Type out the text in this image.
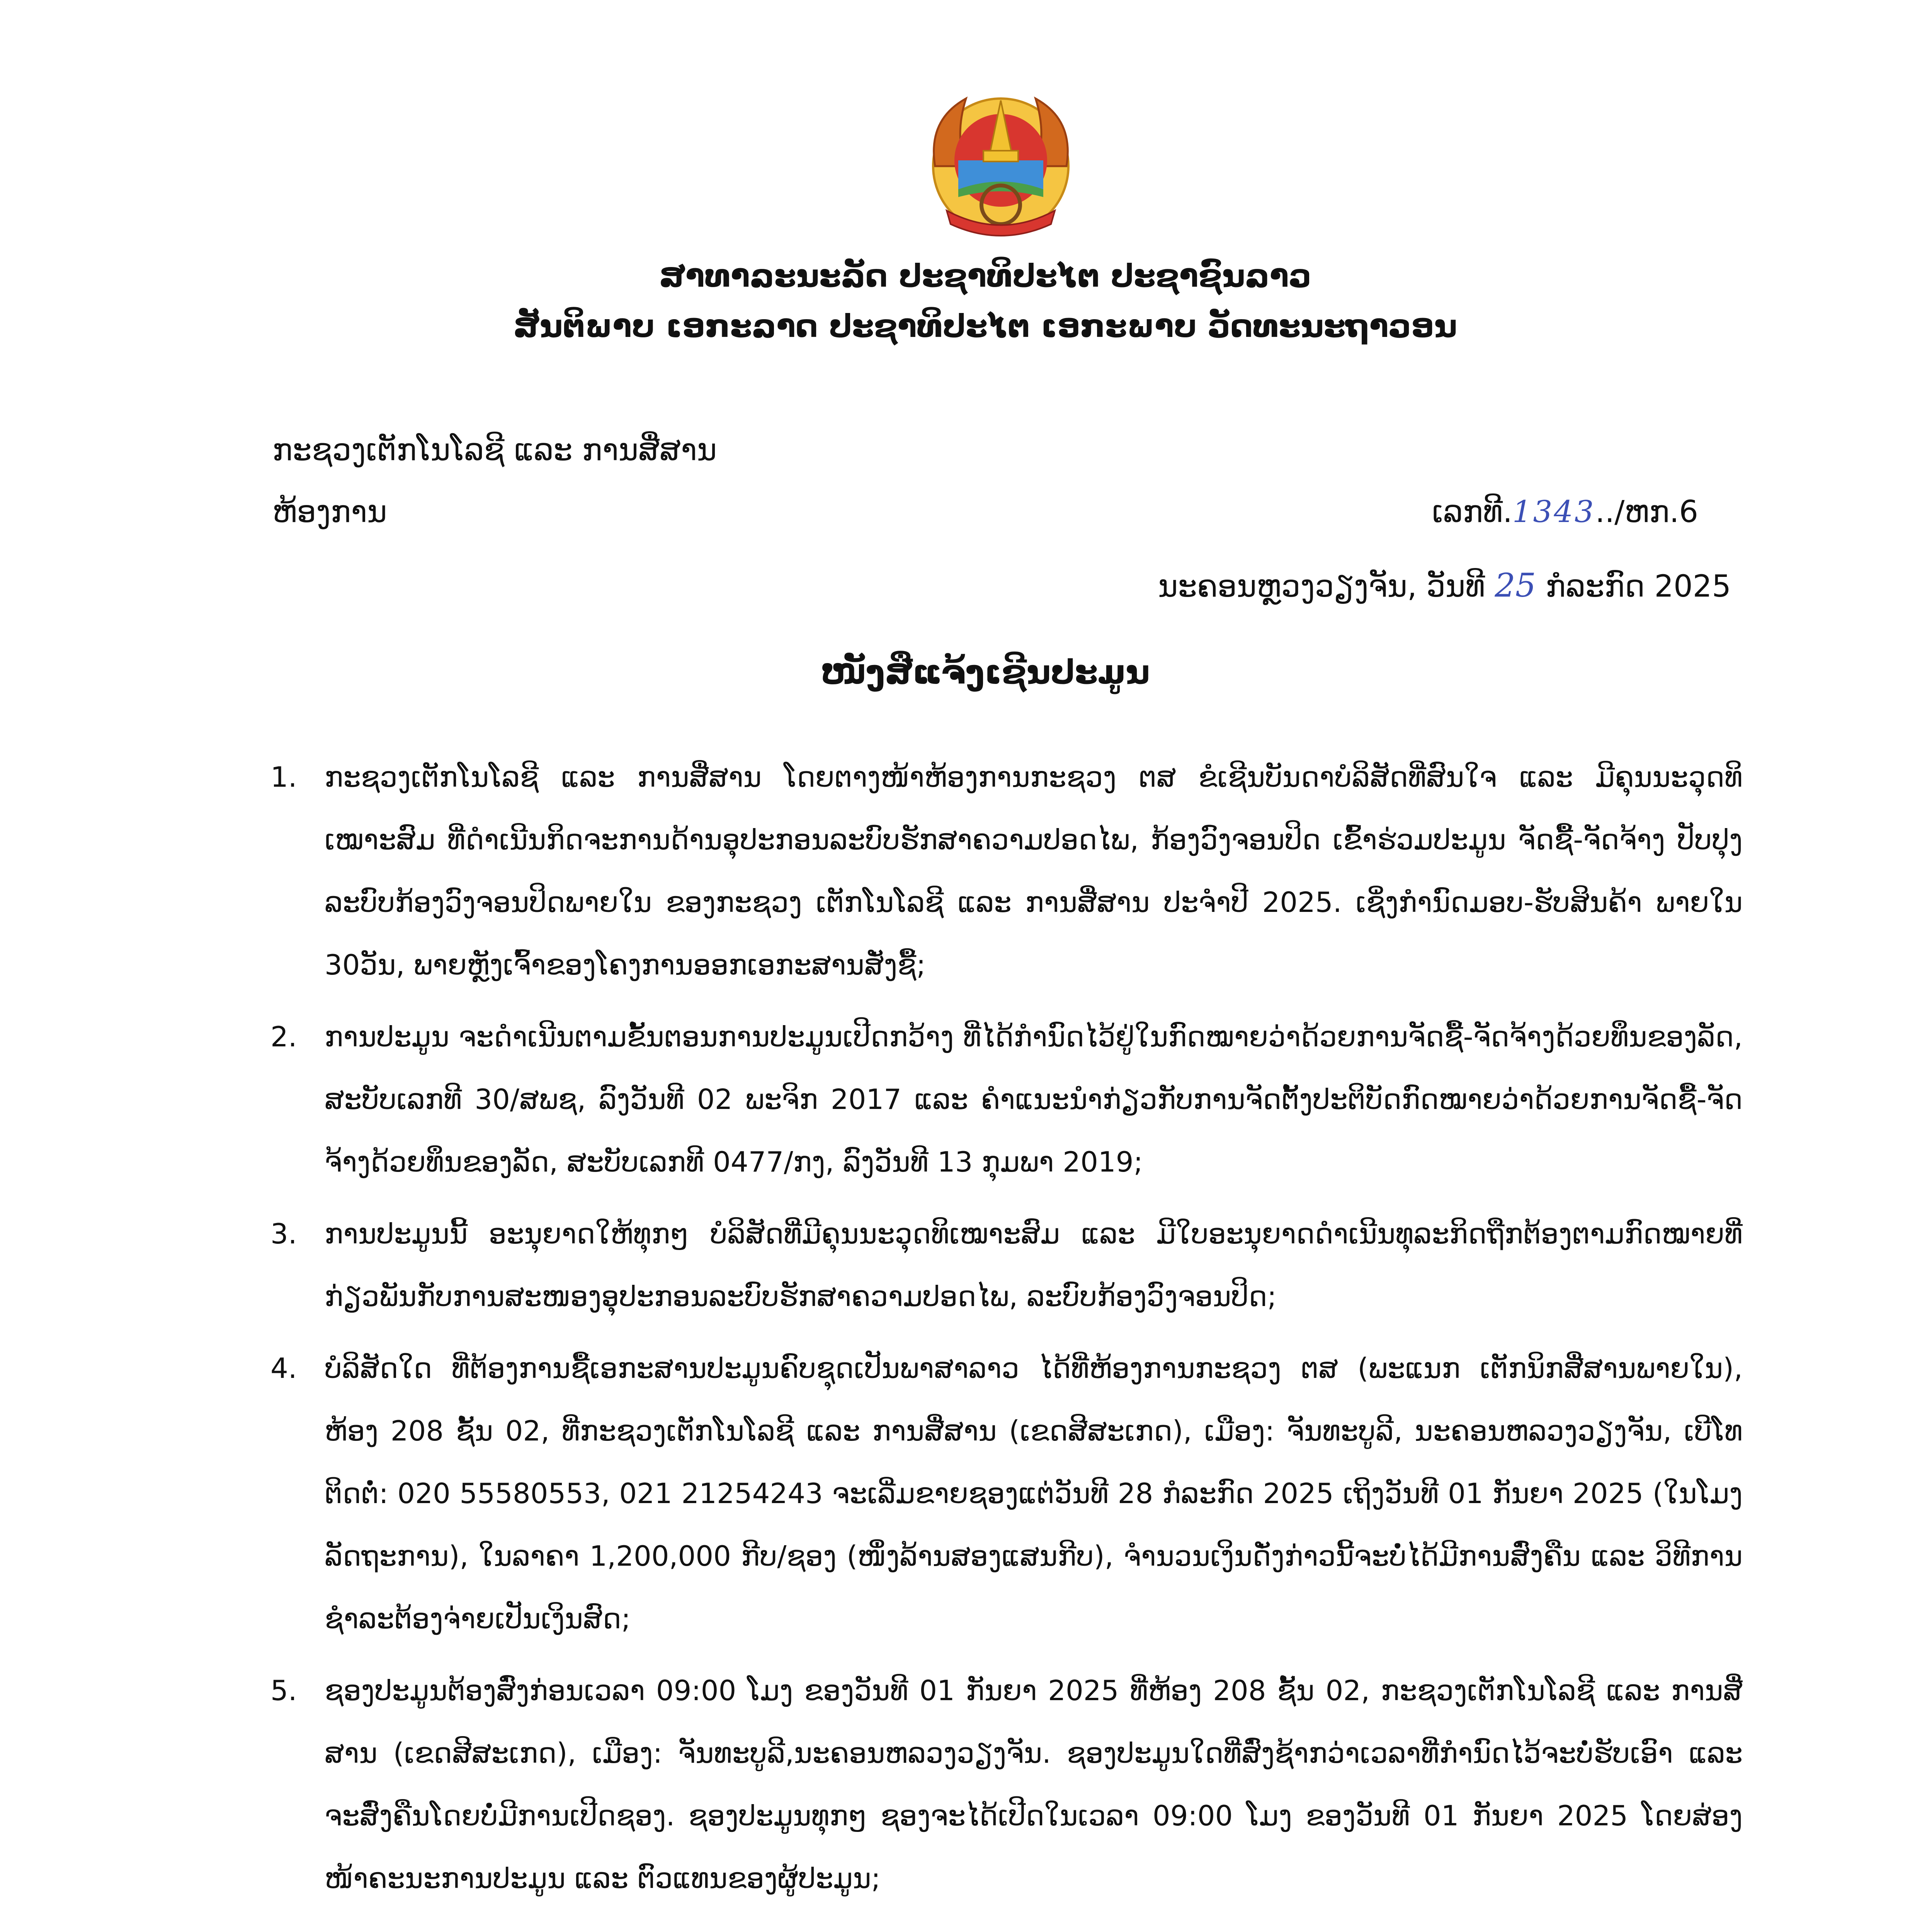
ສາທາລະນະລັດ ປະຊາທິປະໄຕ ປະຊາຊົນລາວ
ສັນຕິພາບ ເອກະລາດ ປະຊາທິປະໄຕ ເອກະພາບ ວັດທະນະຖາວອນ
ກະຊວງເຕັກໂນໂລຊີ ແລະ ການສື່ສານ
ຫ້ອງການ	ເລກທີ.1343../ຫກ.6
ນະຄອນຫຼວງວຽງຈັນ, ວັນທີ 25 ກໍລະກົດ 2025
ໜັງສືແຈ້ງເຊີນປະມູນ
1. ກະຊວງເຕັກໂນໂລຊີ ແລະ ການສື່ສານ ໂດຍຕາງໜ້າຫ້ອງການກະຊວງ ຕສ ຂໍເຊີນບັນດາບໍລິສັດທີ່ສົນໃຈ ແລະ ມີຄຸນນະວຸດທິເໝາະສົມ ທີ່ດຳເນີນກິດຈະການດ້ານອຸປະກອນລະບົບຮັກສາຄວາມປອດໄພ, ກ້ອງວົງຈອນປິດ ເຂົ້າຮ່ວມປະມູນ ຈັດຊື້-ຈັດຈ້າງ ປັບປຸງລະບົບກ້ອງວົງຈອນປິດພາຍໃນ ຂອງກະຊວງ ເຕັກໂນໂລຊີ ແລະ ການສື່ສານ ປະຈຳປີ 2025. ເຊິ່ງກຳນົດມອບ-ຮັບສິນຄ້າ ພາຍໃນ 30ວັນ, ພາຍຫຼັງເຈົ້າຂອງໂຄງການອອກເອກະສານສັ່ງຊື້;
2. ການປະມູນ ຈະດຳເນີນຕາມຂັ້ນຕອນການປະມູນເປີດກວ້າງ ທີ່ໄດ້ກຳນົດໄວ້ຢູ່ໃນກົດໝາຍວ່າດ້ວຍການຈັດຊື້-ຈັດຈ້າງດ້ວຍທຶນຂອງລັດ, ສະບັບເລກທີ 30/ສພຊ, ລົງວັນທີ 02 ພະຈິກ 2017 ແລະ ຄຳແນະນຳກ່ຽວກັບການຈັດຕັ້ງປະຕິບັດກົດໝາຍວ່າດ້ວຍການຈັດຊື້-ຈັດຈ້າງດ້ວຍທຶນຂອງລັດ, ສະບັບເລກທີ 0477/ກງ, ລົງວັນທີ 13 ກຸມພາ 2019;
3. ການປະມູນນີ້ ອະນຸຍາດໃຫ້ທຸກໆ ບໍລິສັດທີ່ມີຄຸນນະວຸດທິເໝາະສົມ ແລະ ມີໃບອະນຸຍາດດຳເນີນທຸລະກິດຖືກຕ້ອງຕາມກົດໝາຍທີ່ກ່ຽວພັນກັບການສະໜອງອຸປະກອນລະບົບຮັກສາຄວາມປອດໄພ, ລະບົບກ້ອງວົງຈອນປິດ;
4. ບໍລິສັດໃດ ທີ່ຕ້ອງການຊື້ເອກະສານປະມູນຄົບຊຸດເປັນພາສາລາວ ໄດ້ທີ່ຫ້ອງການກະຊວງ ຕສ (ພະແນກ ເຕັກນິກສື່ສານພາຍໃນ), ຫ້ອງ 208 ຊັ້ນ 02, ທີ່ກະຊວງເຕັກໂນໂລຊີ ແລະ ການສື່ສານ (ເຂດສີສະເກດ), ເມືອງ: ຈັນທະບູລີ, ນະຄອນຫລວງວຽງຈັນ, ເບີໂທຕິດຕໍ່: 020 55580553, 021 21254243 ຈະເລີ່ມຂາຍຊອງແຕ່ວັນທີ 28 ກໍລະກົດ 2025 ເຖິງວັນທີ 01 ກັນຍາ 2025 (ໃນໂມງລັດຖະການ), ໃນລາຄາ 1,200,000 ກີບ/ຊອງ (ໜຶ່ງລ້ານສອງແສນກີບ), ຈຳນວນເງິນດັ່ງກ່າວນີ້ຈະບໍ່ໄດ້ມີການສົ່ງຄືນ ແລະ ວິທີການຊຳລະຕ້ອງຈ່າຍເປັນເງິນສົດ;
5. ຊອງປະມູນຕ້ອງສົ່ງກ່ອນເວລາ 09:00 ໂມງ ຂອງວັນທີ 01 ກັນຍາ 2025 ທີ່ຫ້ອງ 208 ຊັ້ນ 02, ກະຊວງເຕັກໂນໂລຊີ ແລະ ການສື່ສານ (ເຂດສີສະເກດ), ເມືອງ: ຈັນທະບູລີ,ນະຄອນຫລວງວຽງຈັນ. ຊອງປະມູນໃດທີ່ສົ່ງຊ້າກວ່າເວລາທີ່ກຳນົດໄວ້ຈະບໍ່ຮັບເອົາ ແລະ ຈະສົ່ງຄືນໂດຍບໍ່ມີການເປີດຊອງ. ຊອງປະມູນທຸກໆ ຊອງຈະໄດ້ເປີດໃນເວລາ 09:00 ໂມງ ຂອງວັນທີ 01 ກັນຍາ 2025 ໂດຍສ່ອງໜ້າຄະນະການປະມູນ ແລະ ຕົວແທນຂອງຜູ້ປະມູນ;
